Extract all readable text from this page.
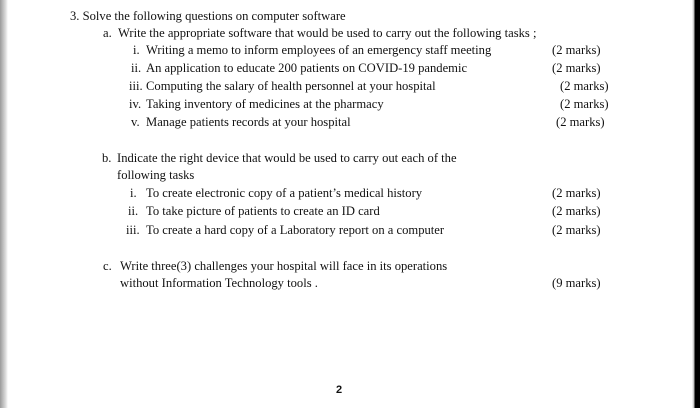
3. Solve the following questions on computer software
a. Write the appropriate software that would be used to carry out the following tasks ;
i. Writing a memo to inform employees of an emergency staff meeting	(2 marks)
ii. An application to educate 200 patients on COVID-19 pandemic	(2 marks)
iii. Computing the salary of health personnel at your hospital	(2 marks)
iv. Taking inventory of medicines at the pharmacy	(2 marks)
v. Manage patients records at your hospital	(2 marks)
b. Indicate the right device that would be used to carry out each of the
following tasks
i. To create electronic copy of a patient’s medical history	(2 marks)
ii. To take picture of patients to create an ID card	(2 marks)
iii. To create a hard copy of a Laboratory report on a computer	(2 marks)
c. Write three(3) challenges your hospital will face in its operations
without Information Technology tools .	(9 marks)
2
